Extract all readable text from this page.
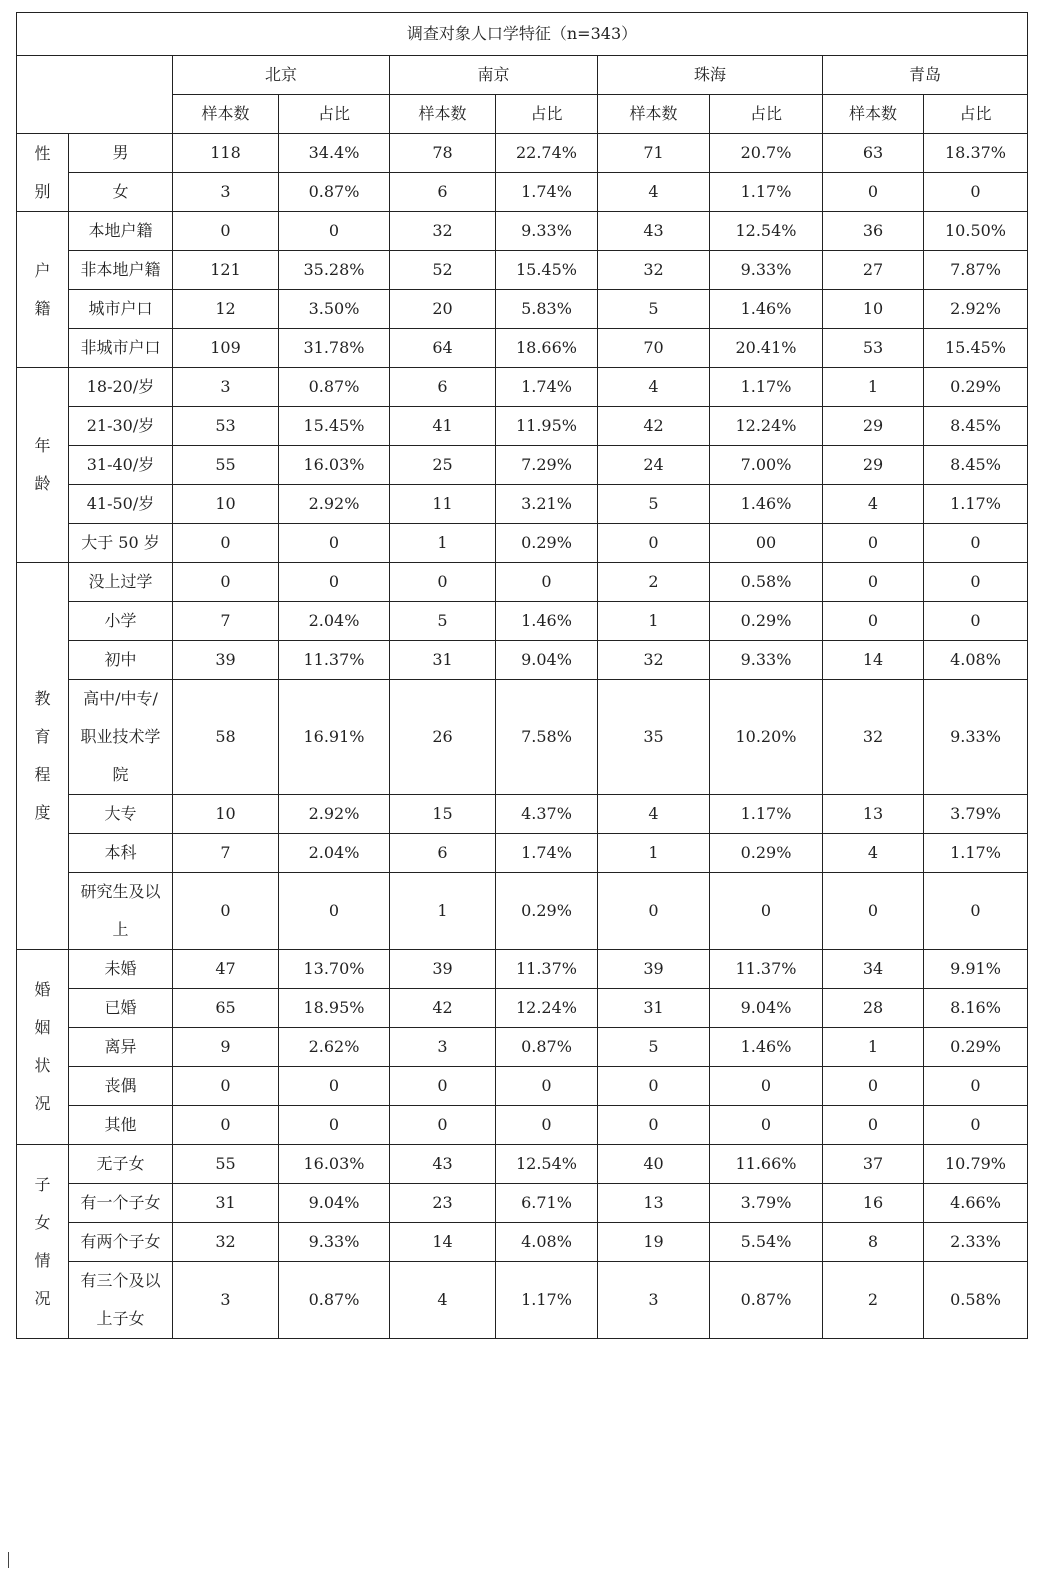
调查对象人口学特征（n=343）									
		北京		南京		珠海		青岛	
		样本数	占比	样本数	占比	样本数	占比	样本数	占比
性别	男	118	34.4%	78	22.74%	71	20.7%	63	18.37%
	女	3	0.87%	6	1.74%	4	1.17%	0	0
户籍	本地户籍	0	0	32	9.33%	43	12.54%	36	10.50%
	非本地户籍	121	35.28%	52	15.45%	32	9.33%	27	7.87%
	城市户口	12	3.50%	20	5.83%	5	1.46%	10	2.92%
	非城市户口	109	31.78%	64	18.66%	70	20.41%	53	15.45%
年龄	18-20/岁	3	0.87%	6	1.74%	4	1.17%	1	0.29%
	21-30/岁	53	15.45%	41	11.95%	42	12.24%	29	8.45%
	31-40/岁	55	16.03%	25	7.29%	24	7.00%	29	8.45%
	41-50/岁	10	2.92%	11	3.21%	5	1.46%	4	1.17%
	大于 50 岁	0	0	1	0.29%	0	00	0	0
教育程度	没上过学	0	0	0	0	2	0.58%	0	0
	小学	7	2.04%	5	1.46%	1	0.29%	0	0
	初中	39	11.37%	31	9.04%	32	9.33%	14	4.08%
	高中/中专/职业技术学院	58	16.91%	26	7.58%	35	10.20%	32	9.33%
	大专	10	2.92%	15	4.37%	4	1.17%	13	3.79%
	本科	7	2.04%	6	1.74%	1	0.29%	4	1.17%
	研究生及以上	0	0	1	0.29%	0	0	0	0
婚姻状况	未婚	47	13.70%	39	11.37%	39	11.37%	34	9.91%
	已婚	65	18.95%	42	12.24%	31	9.04%	28	8.16%
	离异	9	2.62%	3	0.87%	5	1.46%	1	0.29%
	丧偶	0	0	0	0	0	0	0	0
	其他	0	0	0	0	0	0	0	0
子女情况	无子女	55	16.03%	43	12.54%	40	11.66%	37	10.79%
	有一个子女	31	9.04%	23	6.71%	13	3.79%	16	4.66%
	有两个子女	32	9.33%	14	4.08%	19	5.54%	8	2.33%
	有三个及以上子女	3	0.87%	4	1.17%	3	0.87%	2	0.58%
